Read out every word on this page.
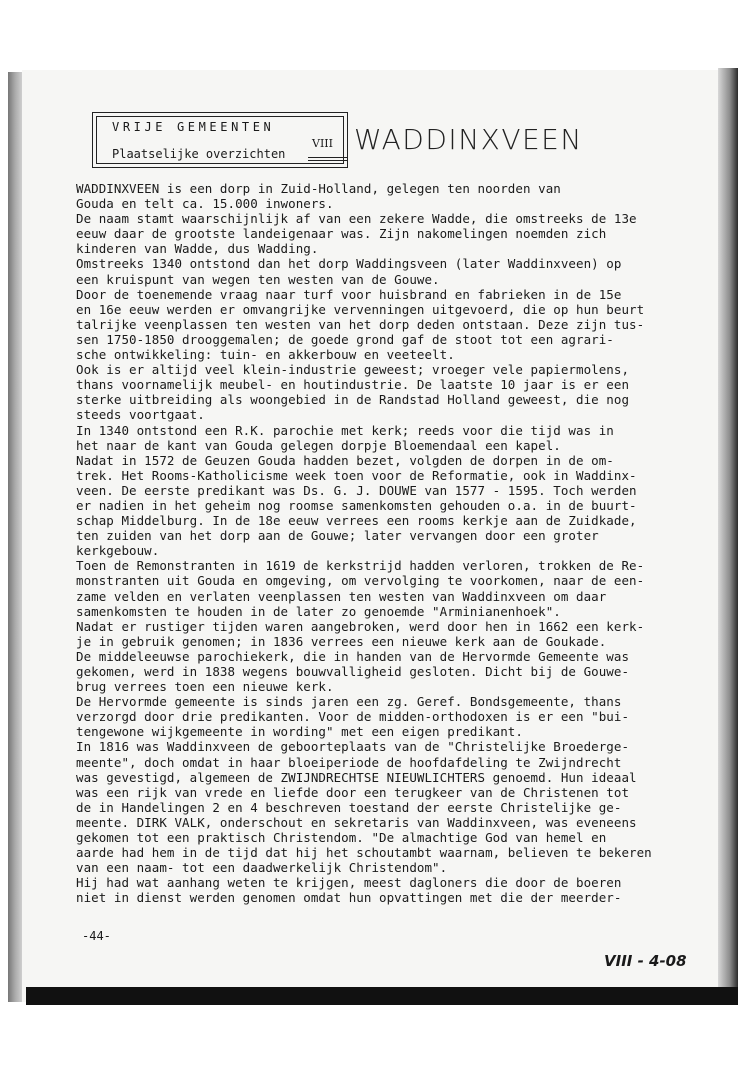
VRIJE GEMEENTEN
Plaatselijke overzichten
VIII WADDINXVEEN
WADDINXVEEN is een dorp in Zuid-Holland, gelegen ten noorden van
Gouda en telt ca. 15.000 inwoners.
De naam stamt waarschijnlijk af van een zekere Wadde, die omstreeks de 13e
eeuw daar de grootste landeigenaar was. Zijn nakomelingen noemden zich
kinderen van Wadde, dus Wadding.
Omstreeks 1340 ontstond dan het dorp Waddingsveen (later Waddinxveen) op
een kruispunt van wegen ten westen van de Gouwe.
Door de toenemende vraag naar turf voor huisbrand en fabrieken in de 15e
en 16e eeuw werden er omvangrijke vervenningen uitgevoerd, die op hun beurt
talrijke veenplassen ten westen van het dorp deden ontstaan. Deze zijn tus-
sen 1750-1850 drooggemalen; de goede grond gaf de stoot tot een agrari-
sche ontwikkeling: tuin- en akkerbouw en veeteelt.
Ook is er altijd veel klein-industrie geweest; vroeger vele papiermolens,
thans voornamelijk meubel- en houtindustrie. De laatste 10 jaar is er een
sterke uitbreiding als woongebied in de Randstad Holland geweest, die nog
steeds voortgaat.
In 1340 ontstond een R.K. parochie met kerk; reeds voor die tijd was in
het naar de kant van Gouda gelegen dorpje Bloemendaal een kapel.
Nadat in 1572 de Geuzen Gouda hadden bezet, volgden de dorpen in de om-
trek. Het Rooms-Katholicisme week toen voor de Reformatie, ook in Waddinx-
veen. De eerste predikant was Ds. G. J. DOUWE van 1577 - 1595. Toch werden
er nadien in het geheim nog roomse samenkomsten gehouden o.a. in de buurt-
schap Middelburg. In de 18e eeuw verrees een rooms kerkje aan de Zuidkade,
ten zuiden van het dorp aan de Gouwe; later vervangen door een groter
kerkgebouw.
Toen de Remonstranten in 1619 de kerkstrijd hadden verloren, trokken de Re-
monstranten uit Gouda en omgeving, om vervolging te voorkomen, naar de een-
zame velden en verlaten veenplassen ten westen van Waddinxveen om daar
samenkomsten te houden in de later zo genoemde "Arminianenhoek".
Nadat er rustiger tijden waren aangebroken, werd door hen in 1662 een kerk-
je in gebruik genomen; in 1836 verrees een nieuwe kerk aan de Goukade.
De middeleeuwse parochiekerk, die in handen van de Hervormde Gemeente was
gekomen, werd in 1838 wegens bouwvalligheid gesloten. Dicht bij de Gouwe-
brug verrees toen een nieuwe kerk.
De Hervormde gemeente is sinds jaren een zg. Geref. Bondsgemeente, thans
verzorgd door drie predikanten. Voor de midden-orthodoxen is er een "bui-
tengewone wijkgemeente in wording" met een eigen predikant.
In 1816 was Waddinxveen de geboorteplaats van de "Christelijke Broederge-
meente", doch omdat in haar bloeiperiode de hoofdafdeling te Zwijndrecht
was gevestigd, algemeen de ZWIJNDRECHTSE NIEUWLICHTERS genoemd. Hun ideaal
was een rijk van vrede en liefde door een terugkeer van de Christenen tot
de in Handelingen 2 en 4 beschreven toestand der eerste Christelijke ge-
meente. DIRK VALK, onderschout en sekretaris van Waddinxveen, was eveneens
gekomen tot een praktisch Christendom. "De almachtige God van hemel en
aarde had hem in de tijd dat hij het schoutambt waarnam, believen te bekeren
van een naam- tot een daadwerkelijk Christendom".
Hij had wat aanhang weten te krijgen, meest dagloners die door de boeren
niet in dienst werden genomen omdat hun opvattingen met die der meerder-
-44-
VIII - 4-08
